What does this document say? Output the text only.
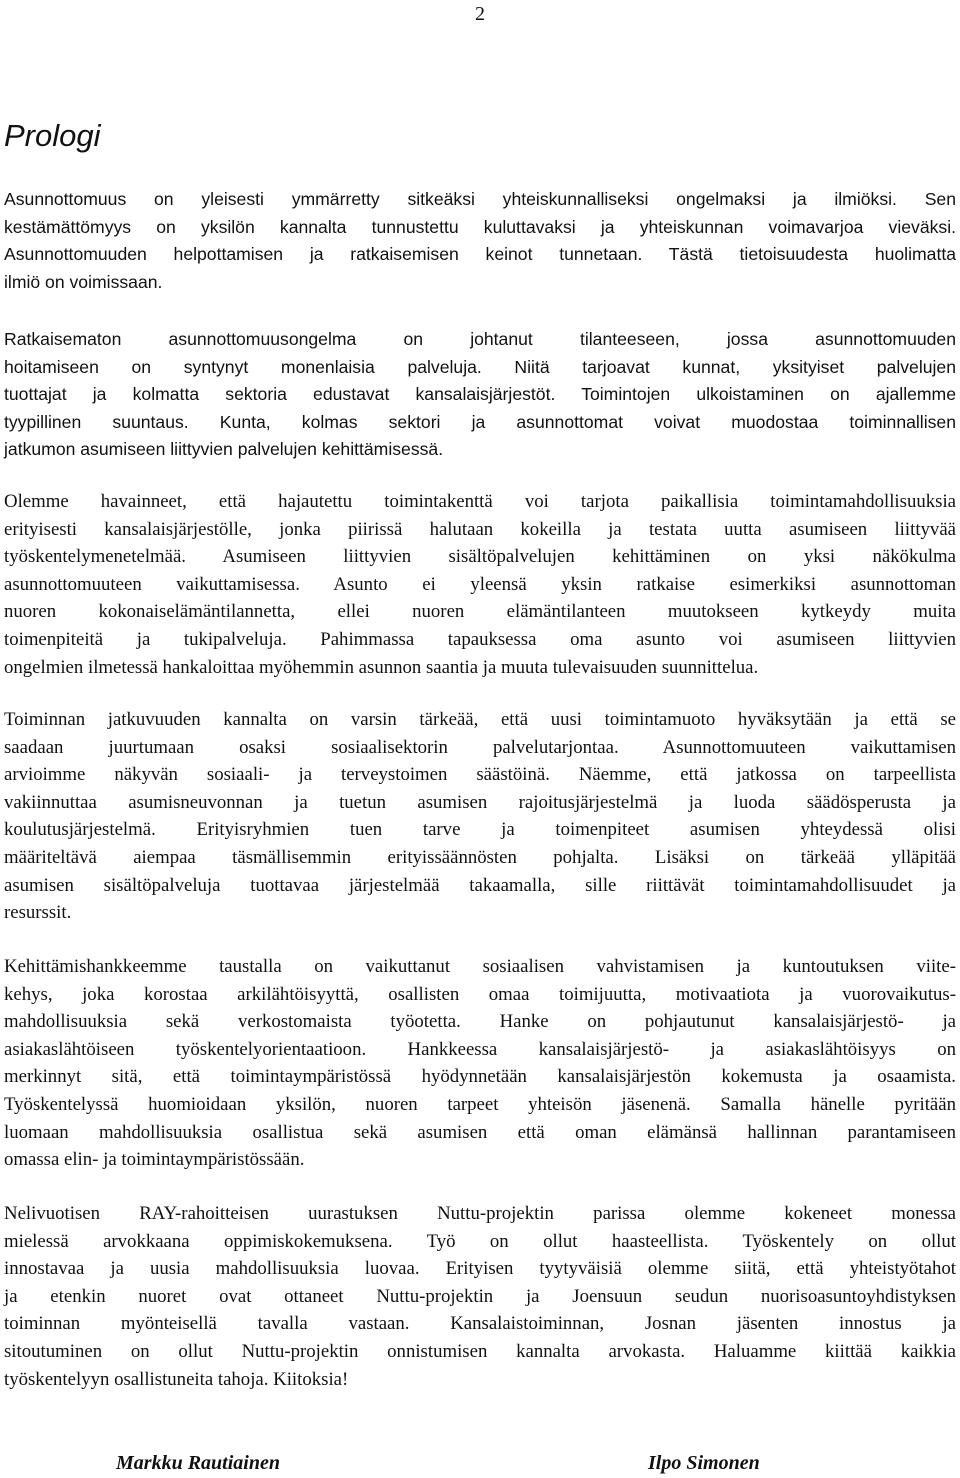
2
Prologi
Asunnottomuus on yleisesti ymmärretty sitkeäksi yhteiskunnalliseksi ongelmaksi ja ilmiöksi. Sen
kestämättömyys on yksilön kannalta tunnustettu kuluttavaksi ja yhteiskunnan voimavarjoa vieväksi.
Asunnottomuuden helpottamisen ja ratkaisemisen keinot tunnetaan. Tästä tietoisuudesta huolimatta
ilmiö on voimissaan.
Ratkaisematon asunnottomuusongelma on johtanut tilanteeseen, jossa asunnottomuuden
hoitamiseen on syntynyt monenlaisia palveluja. Niitä tarjoavat kunnat, yksityiset palvelujen
tuottajat ja kolmatta sektoria edustavat kansalaisjärjestöt. Toimintojen ulkoistaminen on ajallemme
tyypillinen suuntaus. Kunta, kolmas sektori ja asunnottomat voivat muodostaa toiminnallisen
jatkumon asumiseen liittyvien palvelujen kehittämisessä.
Olemme havainneet, että hajautettu toimintakenttä voi tarjota paikallisia toimintamahdollisuuksia
erityisesti kansalaisjärjestölle, jonka piirissä halutaan kokeilla ja testata uutta asumiseen liittyvää
työskentelymenetelmää. Asumiseen liittyvien sisältöpalvelujen kehittäminen on yksi näkökulma
asunnottomuuteen vaikuttamisessa. Asunto ei yleensä yksin ratkaise esimerkiksi asunnottoman
nuoren kokonaiselämäntilannetta, ellei nuoren elämäntilanteen muutokseen kytkeydy muita
toimenpiteitä ja tukipalveluja. Pahimmassa tapauksessa oma asunto voi asumiseen liittyvien
ongelmien ilmetessä hankaloittaa myöhemmin asunnon saantia ja muuta tulevaisuuden suunnittelua.
Toiminnan jatkuvuuden kannalta on varsin tärkeää, että uusi toimintamuoto hyväksytään ja että se
saadaan juurtumaan osaksi sosiaalisektorin palvelutarjontaa. Asunnottomuuteen vaikuttamisen
arvioimme näkyvän sosiaali- ja terveystoimen säästöinä. Näemme, että jatkossa on tarpeellista
vakiinnuttaa asumisneuvonnan ja tuetun asumisen rajoitusjärjestelmä ja luoda säädösperusta ja
koulutusjärjestelmä. Erityisryhmien tuen tarve ja toimenpiteet asumisen yhteydessä olisi
määriteltävä aiempaa täsmällisemmin erityissäännösten pohjalta. Lisäksi on tärkeää ylläpitää
asumisen sisältöpalveluja tuottavaa järjestelmää takaamalla, sille riittävät toimintamahdollisuudet ja
resurssit.
Kehittämishankkeemme taustalla on vaikuttanut sosiaalisen vahvistamisen ja kuntoutuksen viite-
kehys, joka korostaa arkilähtöisyyttä, osallisten omaa toimijuutta, motivaatiota ja vuorovaikutus-
mahdollisuuksia sekä verkostomaista työotetta. Hanke on pohjautunut kansalaisjärjestö- ja
asiakaslähtöiseen työskentelyorientaatioon. Hankkeessa kansalaisjärjestö- ja asiakaslähtöisyys on
merkinnyt sitä, että toimintaympäristössä hyödynnetään kansalaisjärjestön kokemusta ja osaamista.
Työskentelyssä huomioidaan yksilön, nuoren tarpeet yhteisön jäsenenä. Samalla hänelle pyritään
luomaan mahdollisuuksia osallistua sekä asumisen että oman elämänsä hallinnan parantamiseen
omassa elin- ja toimintaympäristössään.
Nelivuotisen RAY-rahoitteisen uurastuksen Nuttu-projektin parissa olemme kokeneet monessa
mielessä arvokkaana oppimiskokemuksena. Työ on ollut haasteellista. Työskentely on ollut
innostavaa ja uusia mahdollisuuksia luovaa. Erityisen tyytyväisiä olemme siitä, että yhteistyötahot
ja etenkin nuoret ovat ottaneet Nuttu-projektin ja Joensuun seudun nuorisoasuntoyhdistyksen
toiminnan myönteisellä tavalla vastaan. Kansalaistoiminnan, Josnan jäsenten innostus ja
sitoutuminen on ollut Nuttu-projektin onnistumisen kannalta arvokasta. Haluamme kiittää kaikkia
työskentelyyn osallistuneita tahoja. Kiitoksia!
Markku Rautiainen	Ilpo Simonen
